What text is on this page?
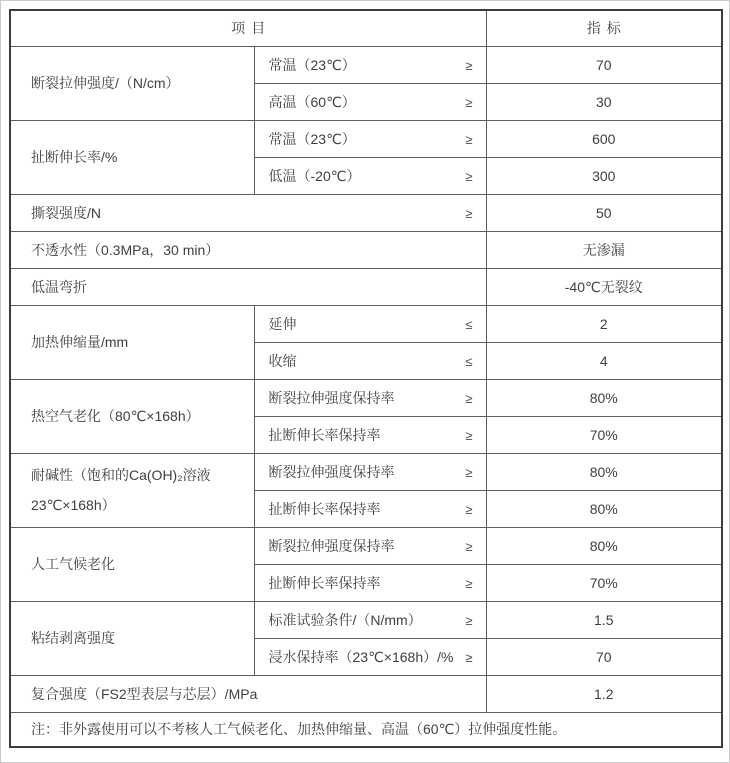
项目		指标
断裂拉伸强度/（N/cm）	常温（23℃） ≥	70

	高温（60℃） ≥	30
扯断伸长率/%	常温（23℃） ≥	600

	低温（-20℃） ≥	300

撕裂强度/N ≥		50

不透水性（0.3MPa，30 min）		无渗漏

低温弯折		-40℃无裂纹
加热伸缩量/mm	延伸 ≤	2

	收缩 ≤	4
热空气老化（80℃×168h）	断裂拉伸强度保持率 ≥	80%

	扯断伸长率保持率 ≥	70%

耐碱性（饱和的Ca(OH)₂溶液
23℃×168h）	断裂拉伸强度保持率 ≥	80%

	扯断伸长率保持率 ≥	80%
人工气候老化	断裂拉伸强度保持率 ≥	80%

	扯断伸长率保持率 ≥	70%
粘结剥离强度	标准试验条件/（N/mm） ≥	1.5

	浸水保持率（23℃×168h）/% ≥	70

复合强度（FS2型表层与芯层）/MPa		1.2
注：非外露使用可以不考核人工气候老化、加热伸缩量、高温（60℃）拉伸强度性能。		
